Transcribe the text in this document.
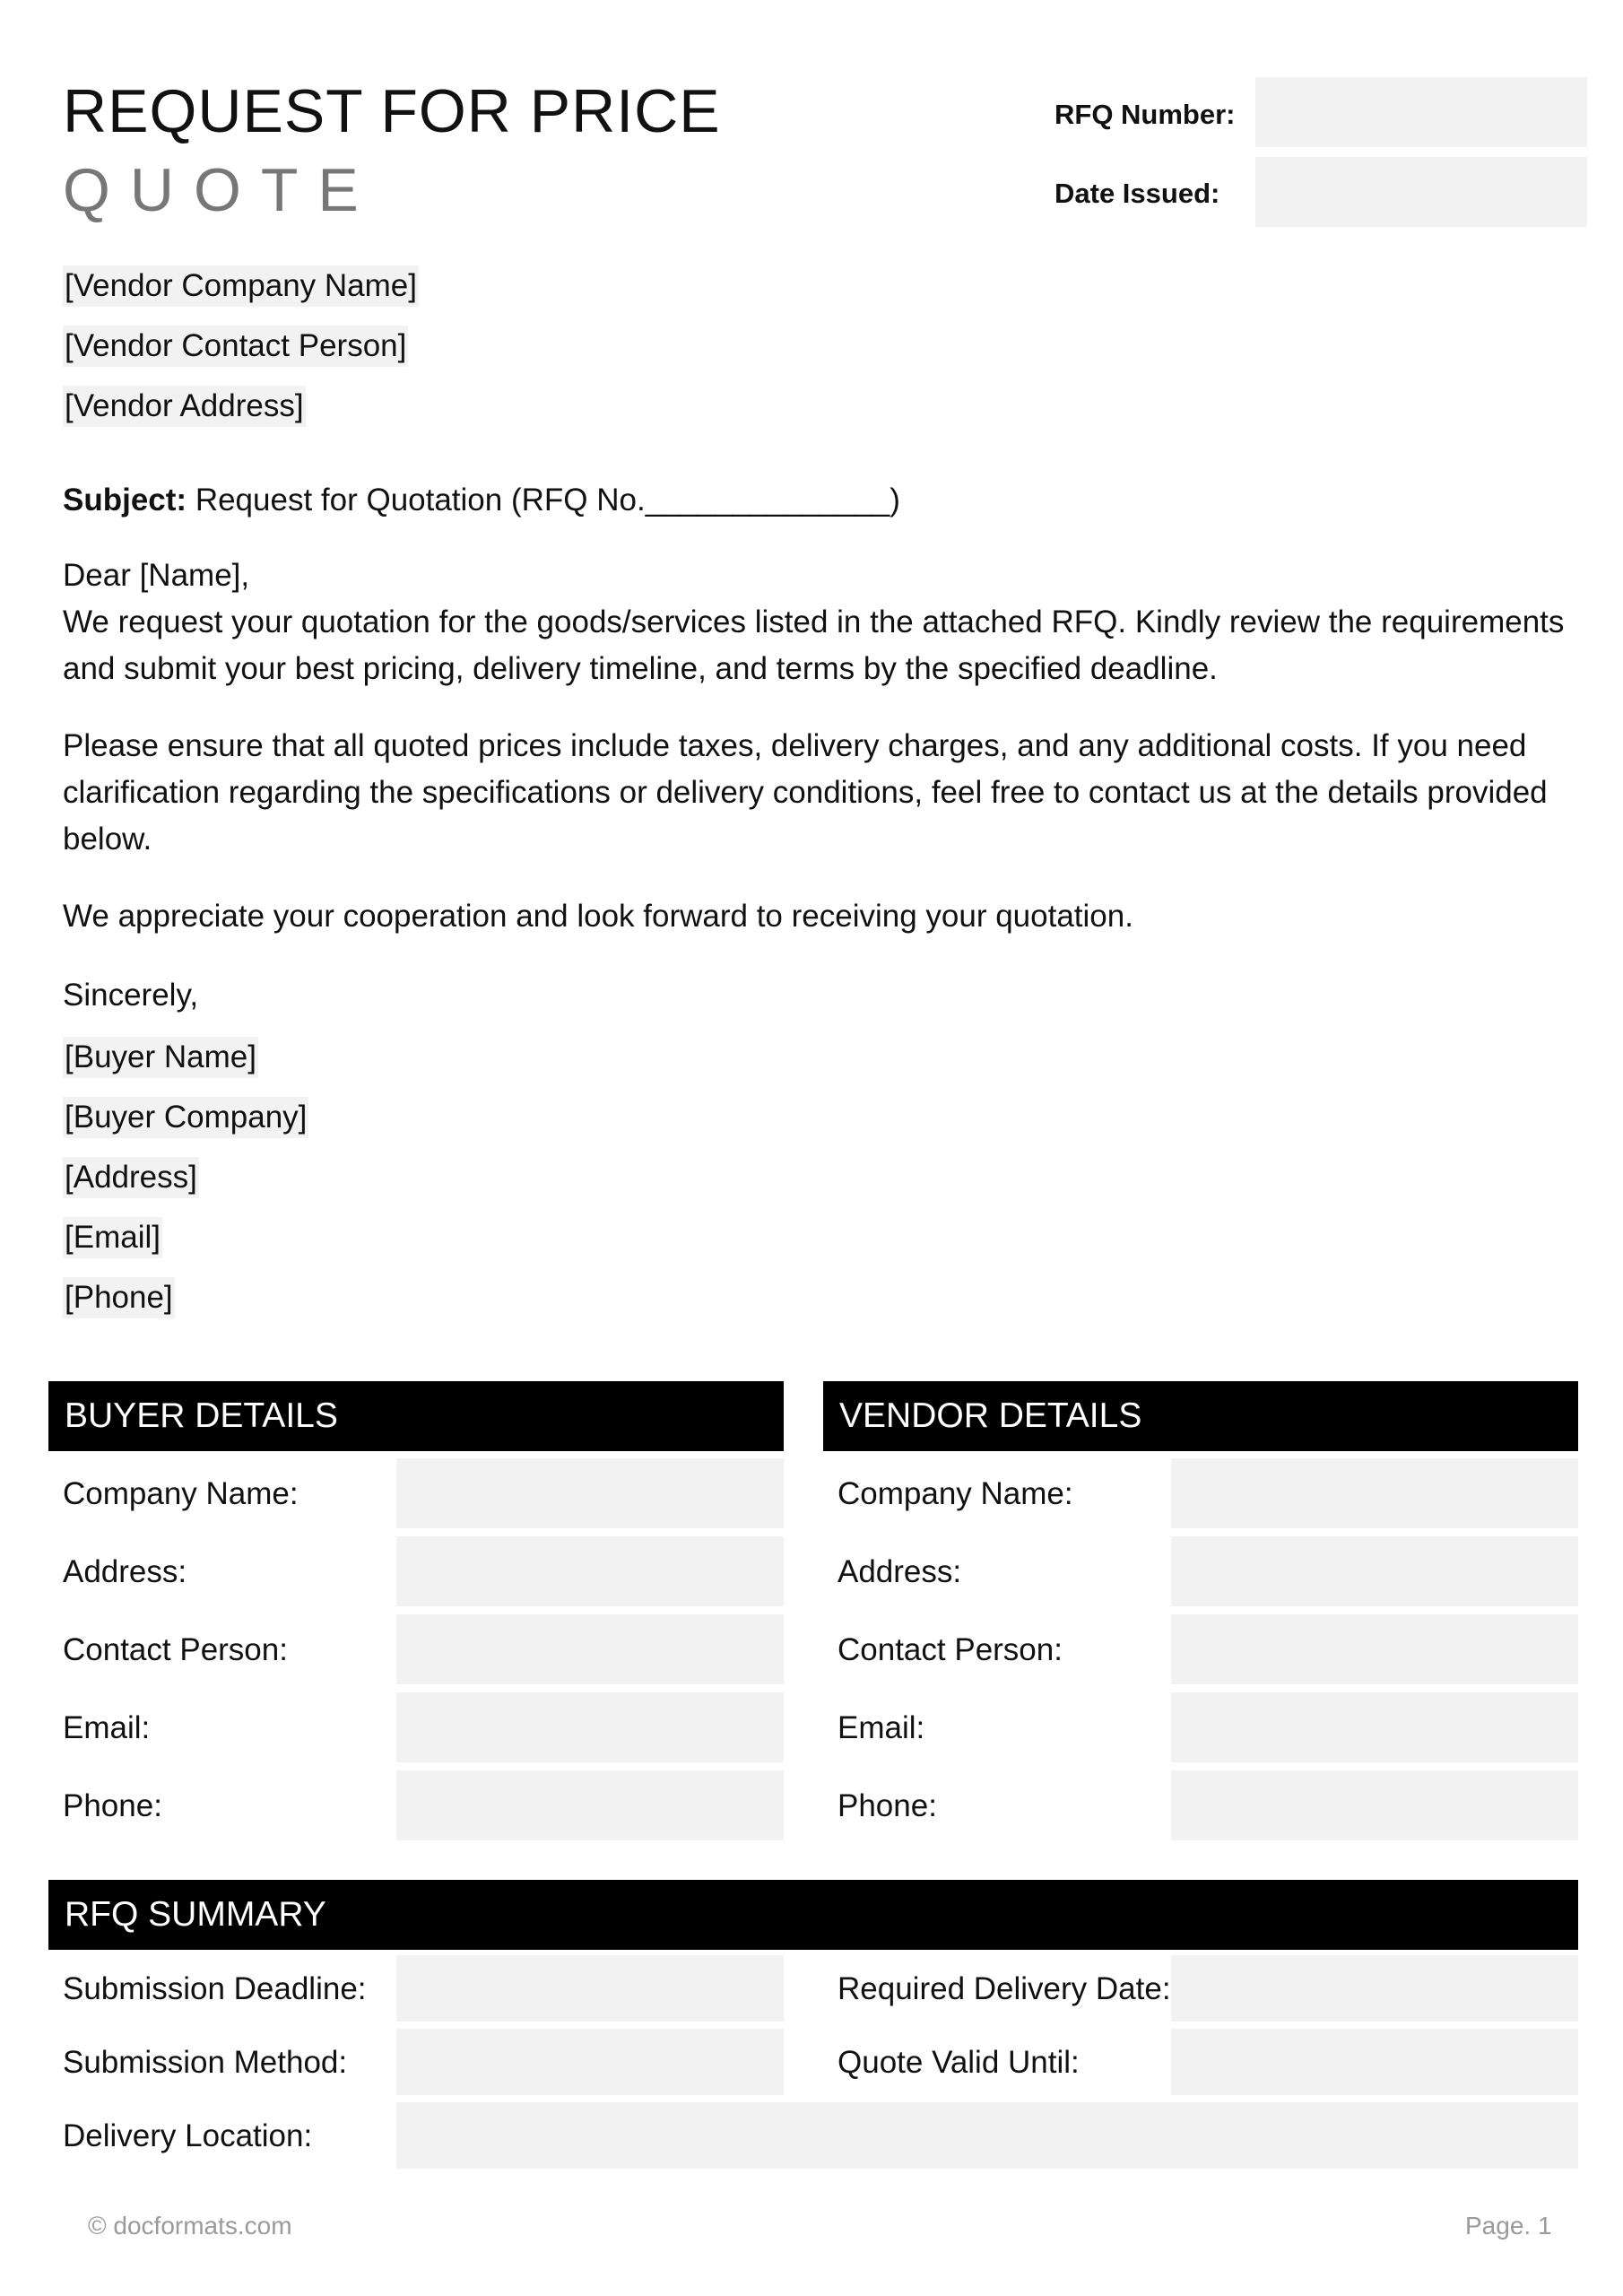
REQUEST FOR PRICE
QUOTE
RFQ Number:
Date Issued:
[Vendor Company Name]
[Vendor Contact Person]
[Vendor Address]
Subject: Request for Quotation (RFQ No.______________)
Dear [Name],
We request your quotation for the goods/services listed in the attached RFQ. Kindly review the requirements and submit your best pricing, delivery timeline, and terms by the specified deadline.
Please ensure that all quoted prices include taxes, delivery charges, and any additional costs. If you need clarification regarding the specifications or delivery conditions, feel free to contact us at the details provided below.
We appreciate your cooperation and look forward to receiving your quotation.
Sincerely,
[Buyer Name]
[Buyer Company]
[Address]
[Email]
[Phone]
BUYER DETAILS
Company Name:
Address:
Contact Person:
Email:
Phone:
VENDOR DETAILS
Company Name:
Address:
Contact Person:
Email:
Phone:
RFQ SUMMARY
Submission Deadline:	Required Delivery Date:
Submission Method:	Quote Valid Until:
Delivery Location:
© docformats.com	Page. 1
